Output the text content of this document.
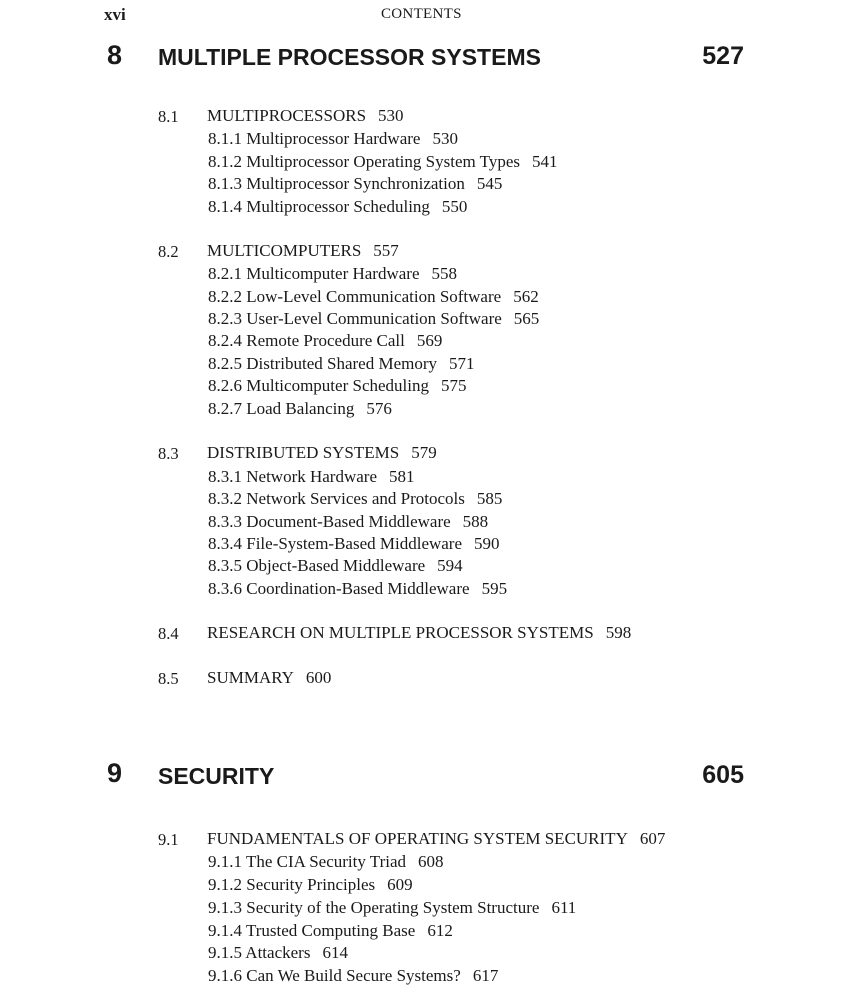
xvi	CONTENTS
8 MULTIPLE PROCESSOR SYSTEMS	527
8.1 MULTIPROCESSORS 530
8.1.1 Multiprocessor Hardware 530
8.1.2 Multiprocessor Operating System Types 541
8.1.3 Multiprocessor Synchronization 545
8.1.4 Multiprocessor Scheduling 550
8.2 MULTICOMPUTERS 557
8.2.1 Multicomputer Hardware 558
8.2.2 Low-Level Communication Software 562
8.2.3 User-Level Communication Software 565
8.2.4 Remote Procedure Call 569
8.2.5 Distributed Shared Memory 571
8.2.6 Multicomputer Scheduling 575
8.2.7 Load Balancing 576
8.3 DISTRIBUTED SYSTEMS 579
8.3.1 Network Hardware 581
8.3.2 Network Services and Protocols 585
8.3.3 Document-Based Middleware 588
8.3.4 File-System-Based Middleware 590
8.3.5 Object-Based Middleware 594
8.3.6 Coordination-Based Middleware 595
8.4 RESEARCH ON MULTIPLE PROCESSOR SYSTEMS 598
8.5 SUMMARY 600
9 SECURITY	605
9.1 FUNDAMENTALS OF OPERATING SYSTEM SECURITY 607
9.1.1 The CIA Security Triad 608
9.1.2 Security Principles 609
9.1.3 Security of the Operating System Structure 611
9.1.4 Trusted Computing Base 612
9.1.5 Attackers 614
9.1.6 Can We Build Secure Systems? 617
